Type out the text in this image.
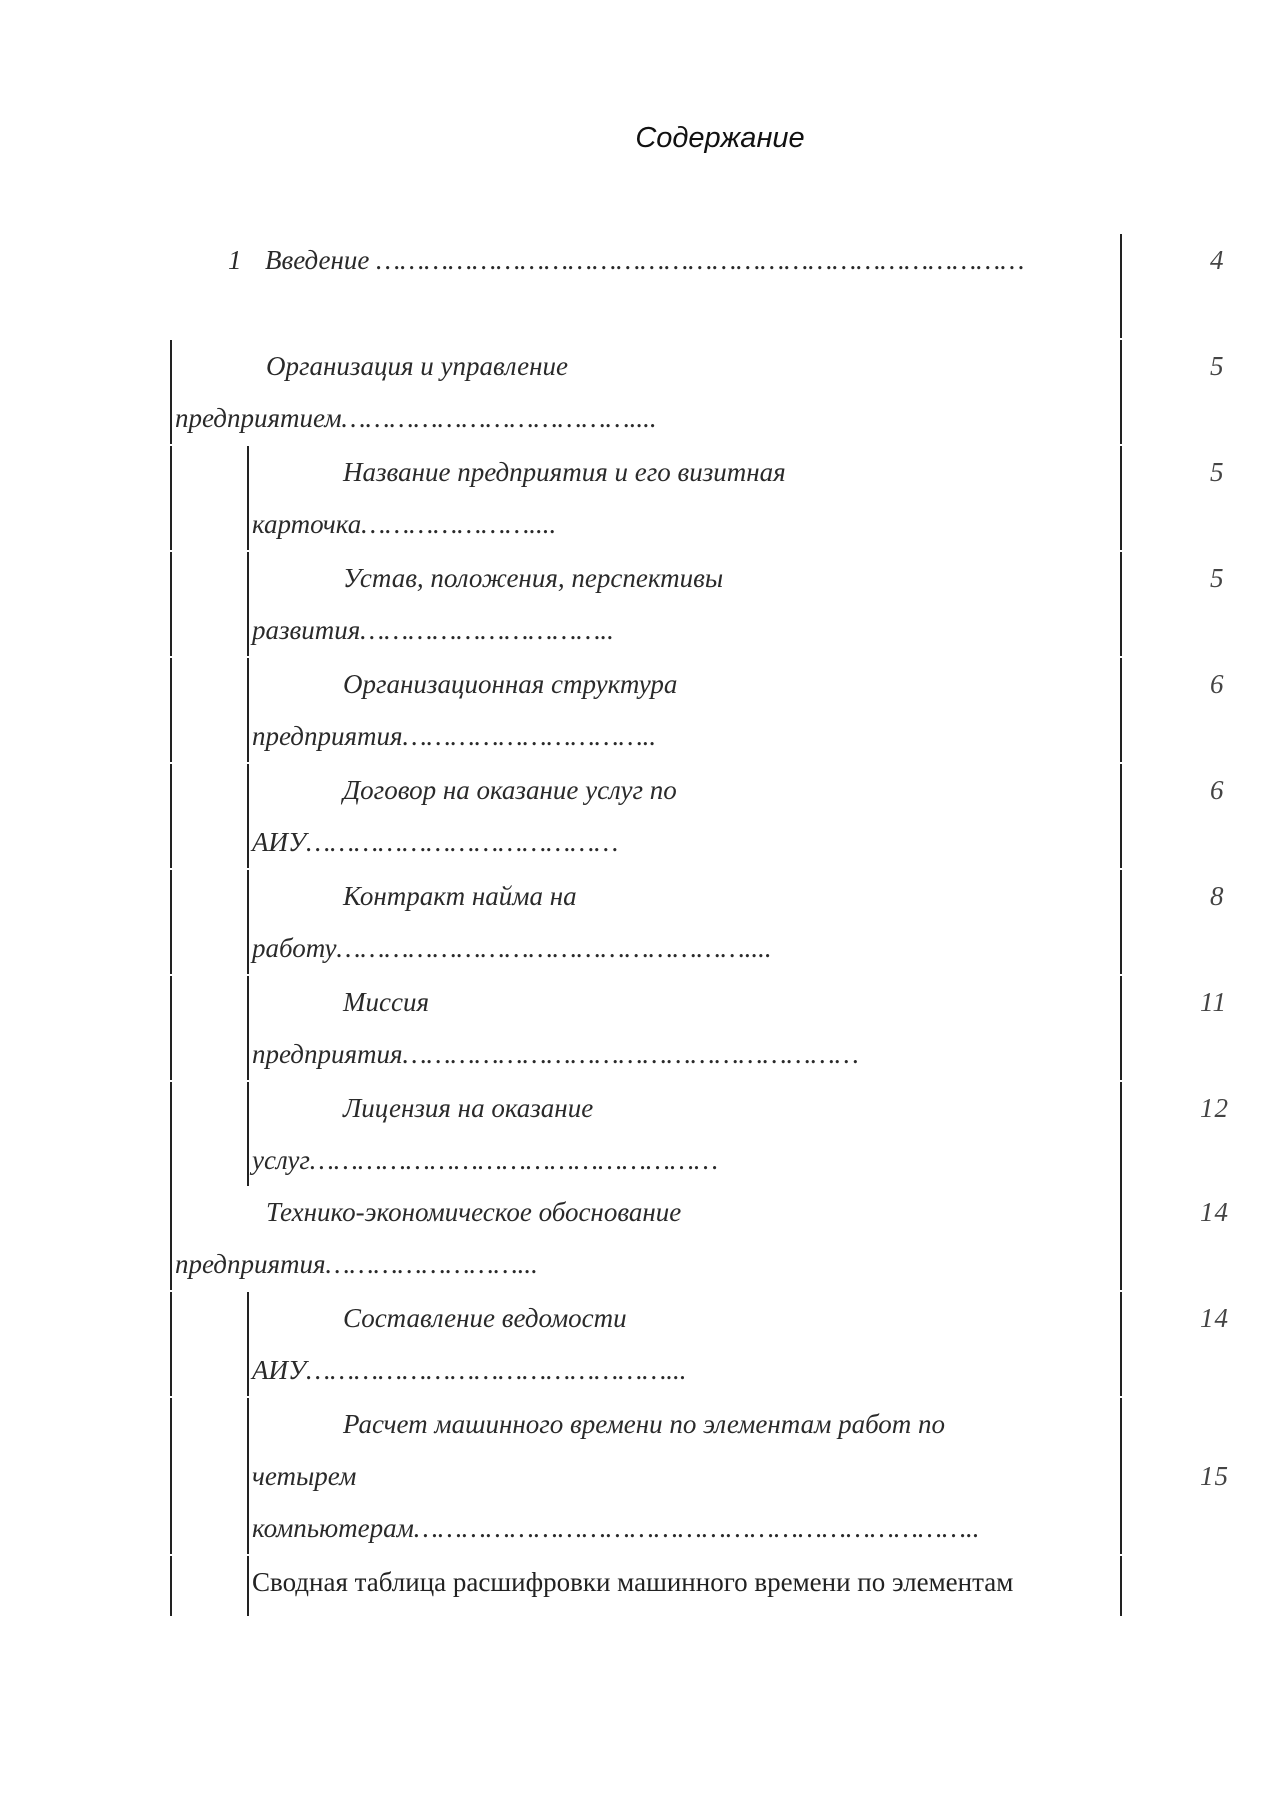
Содержание
1 Введение ………………………………………………………………………	4
Организация и управление
предприятием………………………………....
5
Название предприятия и его визитная
карточка…………………....
5
Устав, положения, перспективы
развития…………………………..
5
Организационная структура
предприятия…………………………..
6
Договор на оказание услуг по
АИУ…………………………………
6
Контракт найма на
работу……………………………………………....
8
Миссия
предприятия…………………………………………………
11
Лицензия на оказание
услуг……………………………………………
12
Технико-экономическое обоснование
предприятия……………………...
14
Составление ведомости
АИУ………………………………………...
14
Расчет машинного времени по элементам работ по
четырем
компьютерам……………………………………………………………..
15
Сводная таблица расшифровки машинного времени по элементам
